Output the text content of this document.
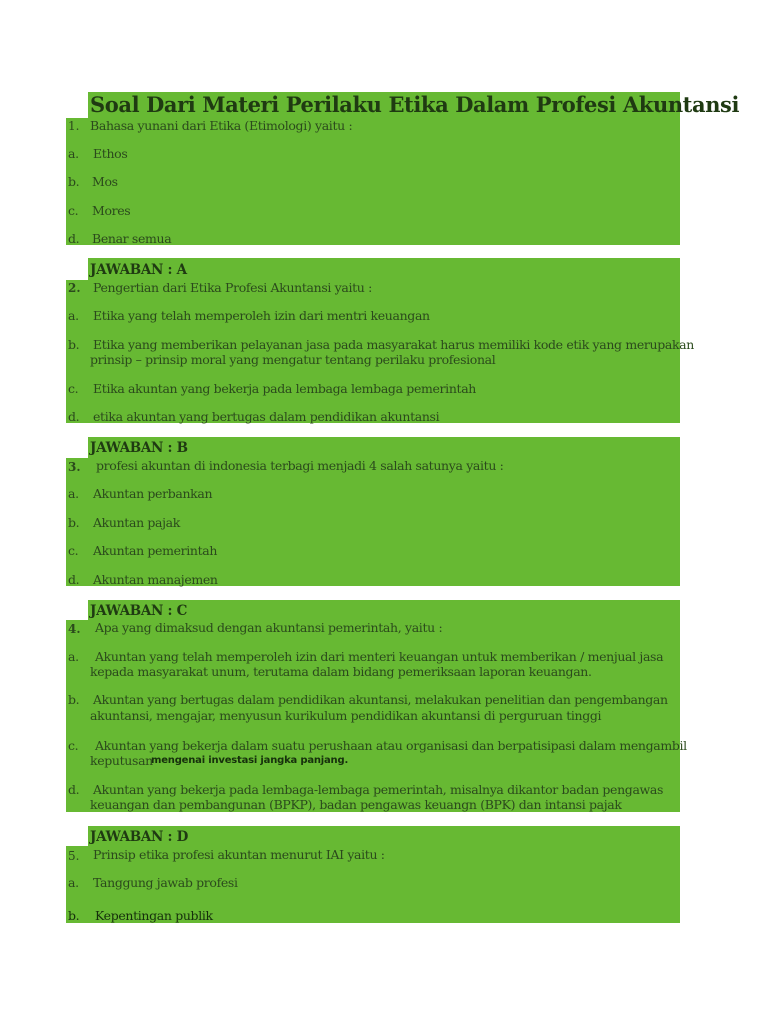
Soal Dari Materi Perilaku Etika Dalam Profesi Akuntansi
1. Bahasa yunani dari Etika (Etimologi) yaitu :
a. Ethos
b. Mos
c. Mores
d. Benar semua
JAWABAN : A
2. Pengertian dari Etika Profesi Akuntansi yaitu :
a. Etika yang telah memperoleh izin dari mentri keuangan
b. Etika yang memberikan pelayanan jasa pada masyarakat harus memiliki kode etik yang merupakan
prinsip – prinsip moral yang mengatur tentang perilaku profesional
c. Etika akuntan yang bekerja pada lembaga lembaga pemerintah
d. etika akuntan yang bertugas dalam pendidikan akuntansi
JAWABAN : B
3. profesi akuntan di indonesia terbagi menjadi 4 salah satunya yaitu :
a. Akuntan perbankan
b. Akuntan pajak
c. Akuntan pemerintah
d. Akuntan manajemen
JAWABAN : C
4. Apa yang dimaksud dengan akuntansi pemerintah, yaitu :
a. Akuntan yang telah memperoleh izin dari menteri keuangan untuk memberikan / menjual jasa
kepada masyarakat unum, terutama dalam bidang pemeriksaan laporan keuangan.
b. Akuntan yang bertugas dalam pendidikan akuntansi, melakukan penelitian dan pengembangan
akuntansi, mengajar, menyusun kurikulum pendidikan akuntansi di perguruan tinggi
c. Akuntan yang bekerja dalam suatu perushaan atau organisasi dan berpatisipasi dalam mengambil
keputusan
mengenai investasi jangka panjang.
d. Akuntan yang bekerja pada lembaga-lembaga pemerintah, misalnya dikantor badan pengawas
keuangan dan pembangunan (BPKP), badan pengawas keuangn (BPK) dan intansi pajak
JAWABAN : D
5. Prinsip etika profesi akuntan menurut IAI yaitu :
a. Tanggung jawab profesi
b. Kepentingan publik
